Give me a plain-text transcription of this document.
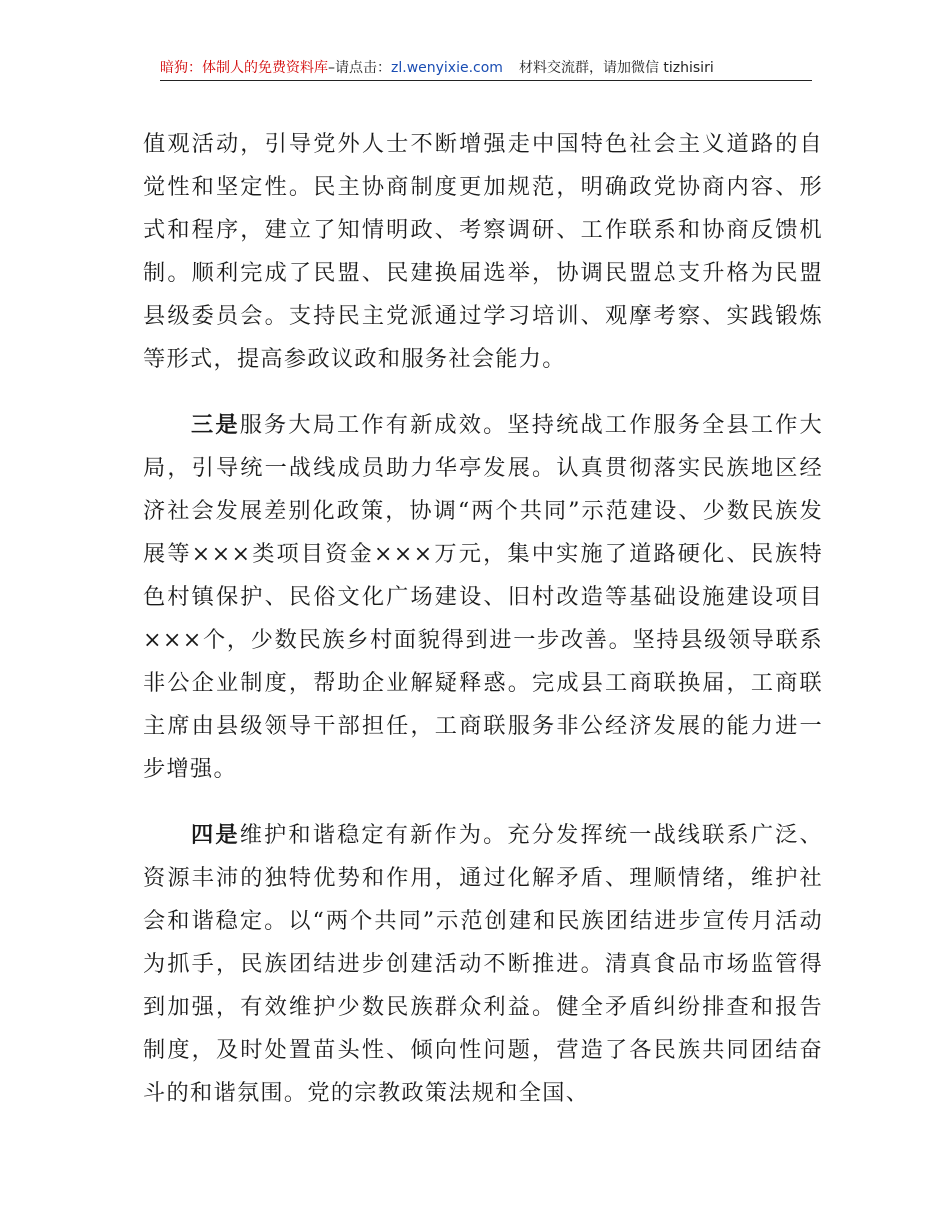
暗狗：体制人的免费资料库–请点击：zl.wenyixie.com 材料交流群，请加微信 tizhisiri

值观活动，引导党外人士不断增强走中国特色社会主义道路的自觉性和坚定性。民主协商制度更加规范，明确政党协商内容、形式和程序，建立了知情明政、考察调研、工作联系和协商反馈机制。顺利完成了民盟、民建换届选举，协调民盟总支升格为民盟县级委员会。支持民主党派通过学习培训、观摩考察、实践锻炼等形式，提高参政议政和服务社会能力。

三是服务大局工作有新成效。坚持统战工作服务全县工作大局，引导统一战线成员助力华亭发展。认真贯彻落实民族地区经济社会发展差别化政策，协调“两个共同”示范建设、少数民族发展等×××类项目资金×××万元，集中实施了道路硬化、民族特色村镇保护、民俗文化广场建设、旧村改造等基础设施建设项目×××个，少数民族乡村面貌得到进一步改善。坚持县级领导联系非公企业制度，帮助企业解疑释惑。完成县工商联换届，工商联主席由县级领导干部担任，工商联服务非公经济发展的能力进一步增强。

四是维护和谐稳定有新作为。充分发挥统一战线联系广泛、资源丰沛的独特优势和作用，通过化解矛盾、理顺情绪，维护社会和谐稳定。以“两个共同”示范创建和民族团结进步宣传月活动为抓手，民族团结进步创建活动不断推进。清真食品市场监管得到加强，有效维护少数民族群众利益。健全矛盾纠纷排查和报告制度，及时处置苗头性、倾向性问题，营造了各民族共同团结奋斗的和谐氛围。党的宗教政策法规和全国、
